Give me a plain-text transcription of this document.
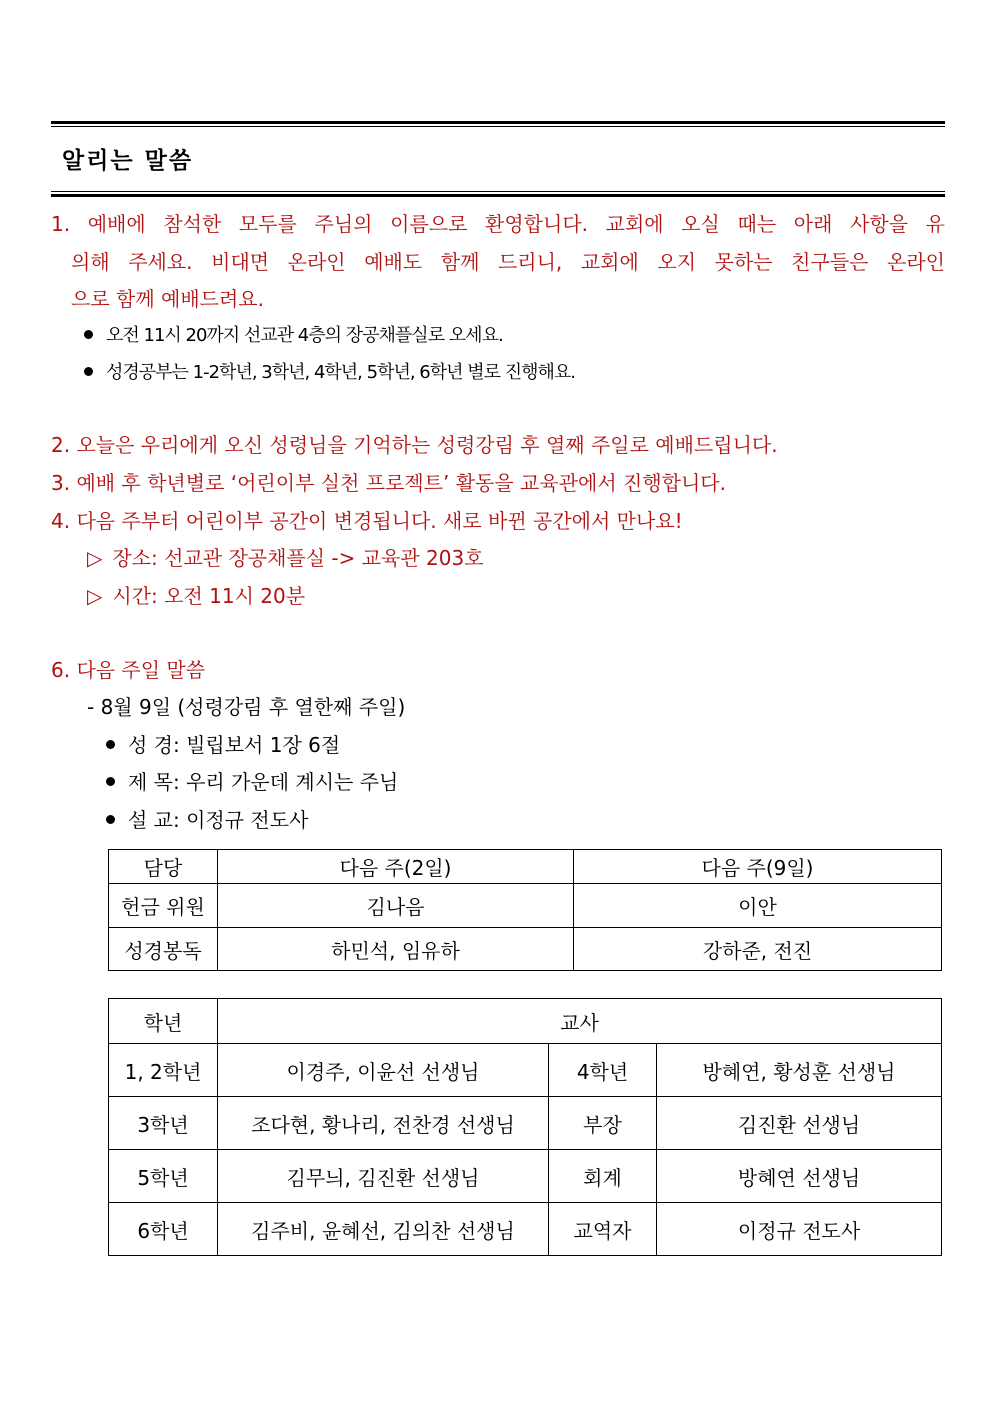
알리는 말씀
1. 예배에 참석한 모두를 주님의 이름으로 환영합니다. 교회에 오실 때는 아래 사항을 유
의해 주세요. 비대면 온라인 예배도 함께 드리니, 교회에 오지 못하는 친구들은 온라인
으로 함께 예배드려요.
오전 11시 20까지 선교관 4층의 장공채플실로 오세요.
성경공부는 1-2학년, 3학년, 4학년, 5학년, 6학년 별로 진행해요.
2. 오늘은 우리에게 오신 성령님을 기억하는 성령강림 후 열째 주일로 예배드립니다.
3. 예배 후 학년별로 ‘어린이부 실천 프로젝트’ 활동을 교육관에서 진행합니다.
4. 다음 주부터 어린이부 공간이 변경됩니다. 새로 바뀐 공간에서 만나요!
▷ 장소: 선교관 장공채플실 -> 교육관 203호
▷ 시간: 오전 11시 20분
6. 다음 주일 말씀
- 8월 9일 (성령강림 후 열한째 주일)
성 경: 빌립보서 1장 6절
제 목: 우리 가운데 계시는 주님
설 교: 이정규 전도사
담당	다음 주(2일)	다음 주(9일)
헌금 위원	김나음	이안
성경봉독	하민석, 임유하	강하준, 전진
학년	교사		
1, 2학년	이경주, 이윤선 선생님	4학년	방혜연, 황성훈 선생님
3학년	조다현, 황나리, 전찬경 선생님	부장	김진환 선생님
5학년	김무늬, 김진환 선생님	회계	방혜연 선생님
6학년	김주비, 윤혜선, 김의찬 선생님	교역자	이정규 전도사
